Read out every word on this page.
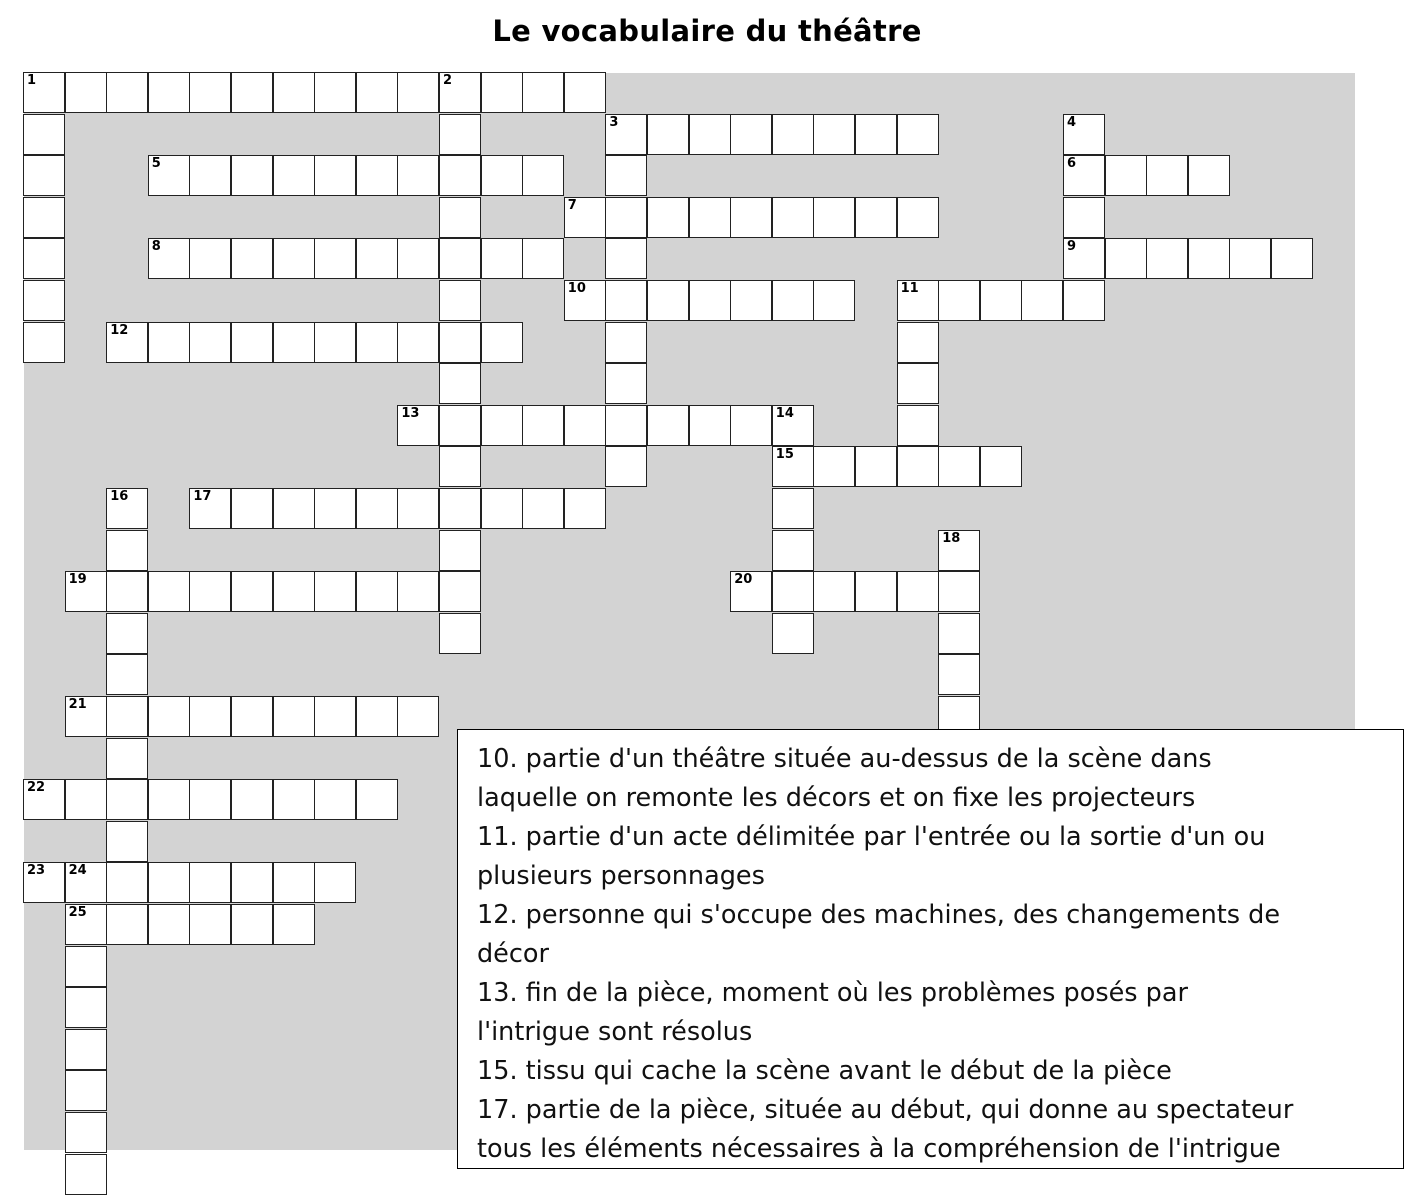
Le vocabulaire du théâtre
1	2
3
5	6
7
8	9
10	11
12
13	14
15
17
19	20
21
22
23 24
25
4
16
18

10. partie d'un théâtre située au-dessus de la scène dans

laquelle on remonte les décors et on fixe les projecteurs

11. partie d'un acte délimitée par l'entrée ou la sortie d'un ou

plusieurs personnages

12. personne qui s'occupe des machines, des changements de

décor

13. fin de la pièce, moment où les problèmes posés par

l'intrigue sont résolus

15. tissu qui cache la scène avant le début de la pièce

17. partie de la pièce, située au début, qui donne au spectateur

tous les éléments nécessaires à la compréhension de l'intrigue
